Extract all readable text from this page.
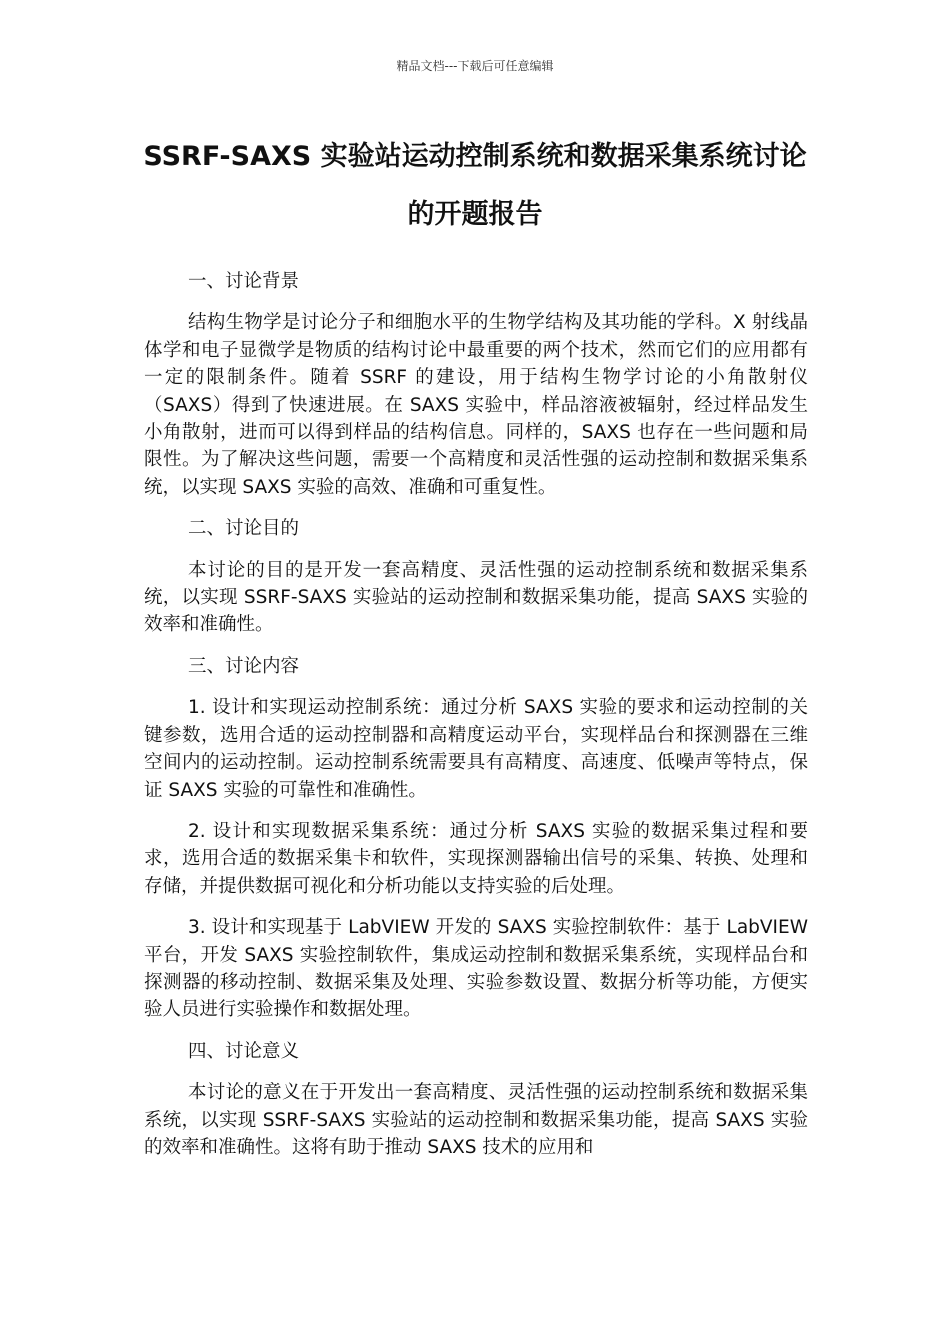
精品文档---下载后可任意编辑
SSRF-SAXS 实验站运动控制系统和数据采集系统讨论的开题报告

一、讨论背景

结构生物学是讨论分子和细胞水平的生物学结构及其功能的学科。X 射线晶体学和电子显微学是物质的结构讨论中最重要的两个技术，然而它们的应用都有一定的限制条件。随着 SSRF 的建设，用于结构生物学讨论的小角散射仪（SAXS）得到了快速进展。在 SAXS 实验中，样品溶液被辐射，经过样品发生小角散射，进而可以得到样品的结构信息。同样的，SAXS 也存在一些问题和局限性。为了解决这些问题，需要一个高精度和灵活性强的运动控制和数据采集系统，以实现 SAXS 实验的高效、准确和可重复性。

二、讨论目的

本讨论的目的是开发一套高精度、灵活性强的运动控制系统和数据采集系统，以实现 SSRF-SAXS 实验站的运动控制和数据采集功能，提高 SAXS 实验的效率和准确性。

三、讨论内容

1. 设计和实现运动控制系统：通过分析 SAXS 实验的要求和运动控制的关键参数，选用合适的运动控制器和高精度运动平台，实现样品台和探测器在三维空间内的运动控制。运动控制系统需要具有高精度、高速度、低噪声等特点，保证 SAXS 实验的可靠性和准确性。

2. 设计和实现数据采集系统：通过分析 SAXS 实验的数据采集过程和要求，选用合适的数据采集卡和软件，实现探测器输出信号的采集、转换、处理和存储，并提供数据可视化和分析功能以支持实验的后处理。

3. 设计和实现基于 LabVIEW 开发的 SAXS 实验控制软件：基于 LabVIEW 平台，开发 SAXS 实验控制软件，集成运动控制和数据采集系统，实现样品台和探测器的移动控制、数据采集及处理、实验参数设置、数据分析等功能，方便实验人员进行实验操作和数据处理。

四、讨论意义

本讨论的意义在于开发出一套高精度、灵活性强的运动控制系统和数据采集系统，以实现 SSRF-SAXS 实验站的运动控制和数据采集功能，提高 SAXS 实验的效率和准确性。这将有助于推动 SAXS 技术的应用和
